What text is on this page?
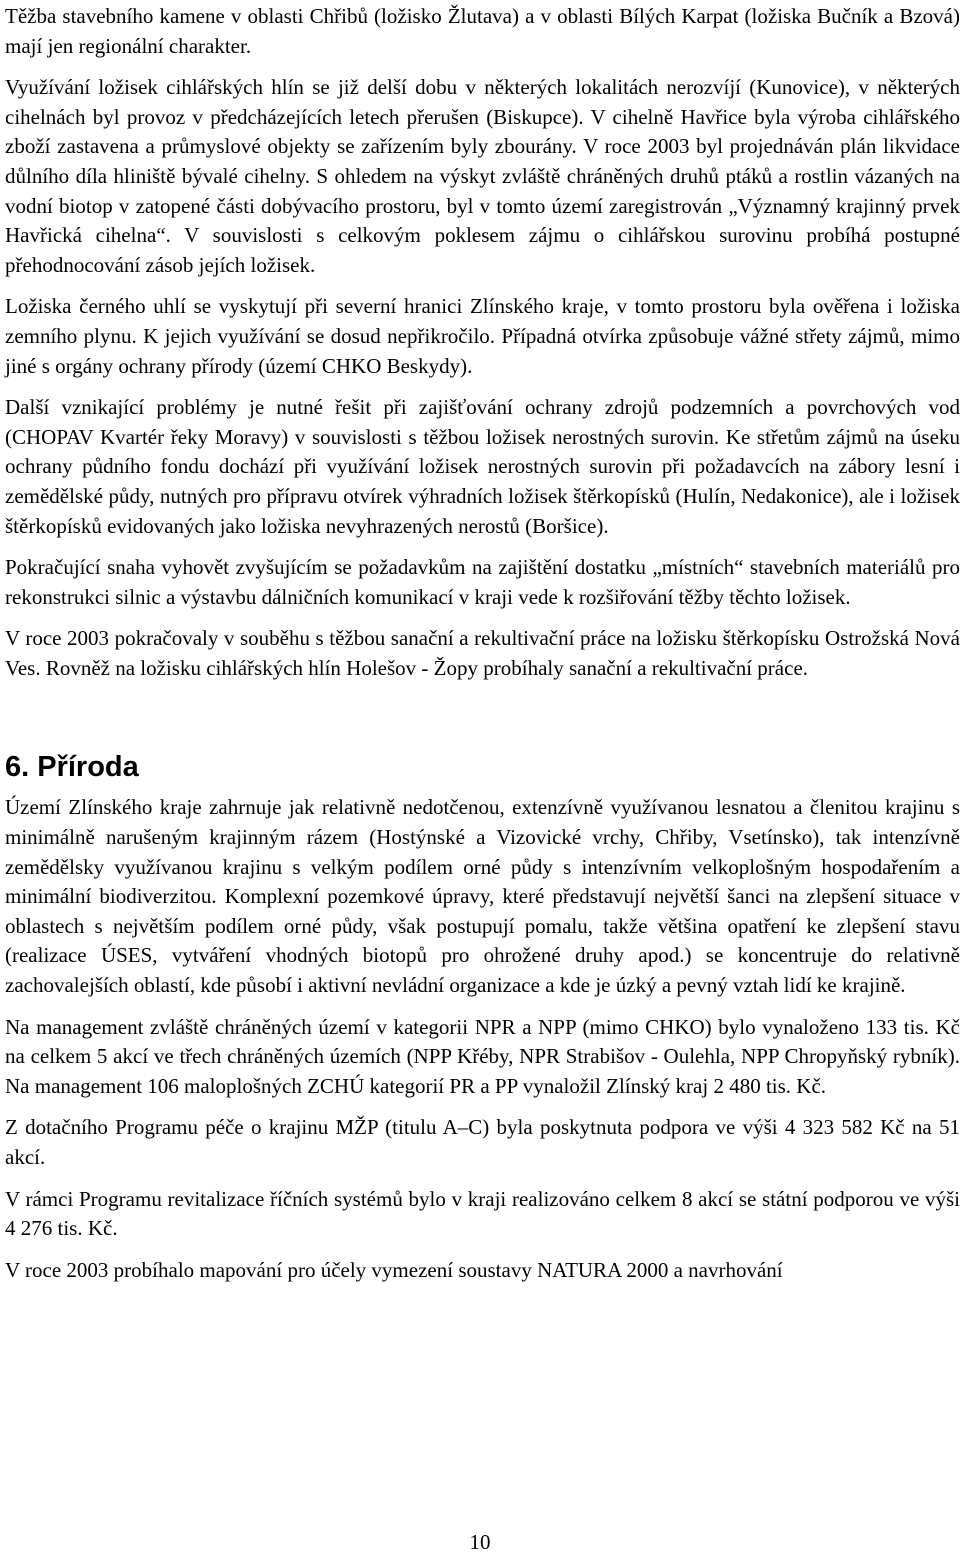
Těžba stavebního kamene v oblasti Chřibů (ložisko Žlutava) a v oblasti Bílých Karpat (ložiska Bučník a Bzová) mají jen regionální charakter.

Využívání ložisek cihlářských hlín se již delší dobu v některých lokalitách nerozvíjí (Kunovice), v některých cihelnách byl provoz v předcházejících letech přerušen (Biskupce). V cihelně Havřice byla výroba cihlářského zboží zastavena a průmyslové objekty se zařízením byly zbourány. V roce 2003 byl projednáván plán likvidace důlního díla hliniště bývalé cihelny. S ohledem na výskyt zvláště chráněných druhů ptáků a rostlin vázaných na vodní biotop v zatopené části dobývacího prostoru, byl v tomto území zaregistrován „Významný krajinný prvek Havřická cihelna“. V souvislosti s celkovým poklesem zájmu o cihlářskou surovinu probíhá postupné přehodnocování zásob jejích ložisek.

Ložiska černého uhlí se vyskytují při severní hranici Zlínského kraje, v tomto prostoru byla ověřena i ložiska zemního plynu. K jejich využívání se dosud nepřikročilo. Případná otvírka způsobuje vážné střety zájmů, mimo jiné s orgány ochrany přírody (území CHKO Beskydy).

Další vznikající problémy je nutné řešit při zajišťování ochrany zdrojů podzemních a povrchových vod (CHOPAV Kvartér řeky Moravy) v souvislosti s těžbou ložisek nerostných surovin. Ke střetům zájmů na úseku ochrany půdního fondu dochází při využívání ložisek nerostných surovin při požadavcích na zábory lesní i zemědělské půdy, nutných pro přípravu otvírek výhradních ložisek štěrkopísků (Hulín, Nedakonice), ale i ložisek štěrkopísků evidovaných jako ložiska nevyhrazených nerostů (Boršice).

Pokračující snaha vyhovět zvyšujícím se požadavkům na zajištění dostatku „místních“ stavebních materiálů pro rekonstrukci silnic a výstavbu dálničních komunikací v kraji vede k rozšiřování těžby těchto ložisek.

V roce 2003 pokračovaly v souběhu s těžbou sanační a rekultivační práce na ložisku štěrkopísku Ostrožská Nová Ves. Rovněž na ložisku cihlářských hlín Holešov - Žopy probíhaly sanační a rekultivační práce.

6. Příroda

Území Zlínského kraje zahrnuje jak relativně nedotčenou, extenzívně využívanou lesnatou a členitou krajinu s minimálně narušeným krajinným rázem (Hostýnské a Vizovické vrchy, Chřiby, Vsetínsko), tak intenzívně zemědělsky využívanou krajinu s velkým podílem orné půdy s intenzívním velkoplošným hospodařením a minimální biodiverzitou. Komplexní pozemkové úpravy, které představují největší šanci na zlepšení situace v oblastech s největším podílem orné půdy, však postupují pomalu, takže většina opatření ke zlepšení stavu (realizace ÚSES, vytváření vhodných biotopů pro ohrožené druhy apod.) se koncentruje do relativně zachovalejších oblastí, kde působí i aktivní nevládní organizace a kde je úzký a pevný vztah lidí ke krajině.

Na management zvláště chráněných území v kategorii NPR a NPP (mimo CHKO) bylo vynaloženo 133 tis. Kč na celkem 5 akcí ve třech chráněných územích (NPP Křéby, NPR Strabišov - Oulehla, NPP Chropyňský rybník). Na management 106 maloplošných ZCHÚ kategorií PR a PP vynaložil Zlínský kraj 2 480 tis. Kč.

Z dotačního Programu péče o krajinu MŽP (titulu A–C) byla poskytnuta podpora ve výši 4 323 582 Kč na 51 akcí.

V rámci Programu revitalizace říčních systémů bylo v kraji realizováno celkem 8 akcí se státní podporou ve výši 4 276 tis. Kč.

V roce 2003 probíhalo mapování pro účely vymezení soustavy NATURA 2000 a navrhování

10
